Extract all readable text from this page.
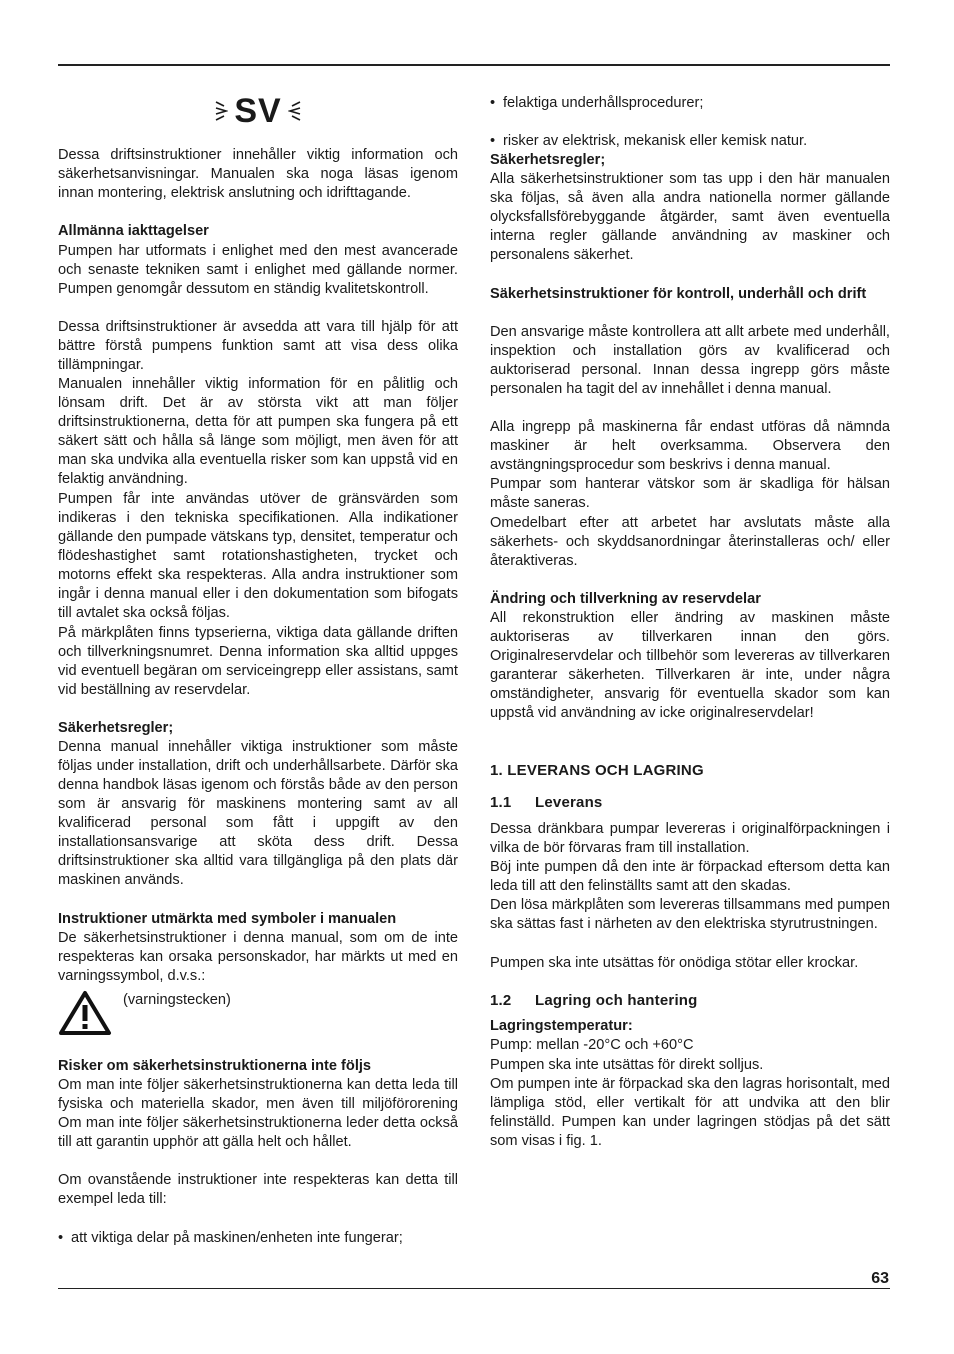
SV
Dessa driftsinstruktioner innehåller viktig information och säkerhetsanvisningar. Manualen ska noga läsas igenom innan montering, elektrisk anslutning och idrifttagande.
Allmänna iakttagelser
Pumpen har utformats i enlighet med den mest avancerade och senaste tekniken samt i enlighet med gällande normer. Pumpen genomgår dessutom en ständig kvalitetskontroll.
Dessa driftsinstruktioner är avsedda att vara till hjälp för att bättre förstå pumpens funktion samt att visa dess olika tillämpningar.
Manualen innehåller viktig information för en pålitlig och lönsam drift. Det är av största vikt att man följer driftsinstruktionerna, detta för att pumpen ska fungera på ett säkert sätt och hålla så länge som möjligt, men även för att man ska undvika alla eventuella risker som kan uppstå vid en felaktig användning.
Pumpen får inte användas utöver de gränsvärden som indikeras i den tekniska specifikationen. Alla indikationer gällande den pumpade vätskans typ, densitet, temperatur och flödeshastighet samt rotationshastigheten, trycket och motorns effekt ska respekteras. Alla andra instruktioner som ingår i denna manual eller i den dokumentation som bifogats till avtalet ska också följas.
På märkplåten finns typserierna, viktiga data gällande driften och tillverkningsnumret. Denna information ska alltid uppges vid eventuell begäran om serviceingrepp eller assistans, samt vid beställning av reservdelar.
Säkerhetsregler;
Denna manual innehåller viktiga instruktioner som måste följas under installation, drift och underhållsarbete. Därför ska denna handbok läsas igenom och förstås både av den person som är ansvarig för maskinens montering samt av all kvalificerad personal som fått i uppgift av den installationsansvarige att sköta dess drift. Dessa driftsinstruktioner ska alltid vara tillgängliga på den plats där maskinen används.
Instruktioner utmärkta med symboler i manualen
De säkerhetsinstruktioner i denna manual, som om de inte respekteras kan orsaka personskador, har märkts ut med en varningssymbol, d.v.s.:
Risker om säkerhetsinstruktionerna inte följs
Om man inte följer säkerhetsinstruktionerna kan detta leda till fysiska och materiella skador, men även till miljöförorening Om man inte följer säkerhetsinstruktionerna leder detta också till att garantin upphör att gälla helt och hållet.
Om ovanstående instruktioner inte respekteras kan detta till exempel leda till:
• att viktiga delar på maskinen/enheten inte fungerar;
(varningstecken)
• felaktiga underhållsprocedurer;
• risker av elektrisk, mekanisk eller kemisk natur.
Säkerhetsregler;
Alla säkerhetsinstruktioner som tas upp i den här manualen ska följas, så även alla andra nationella normer gällande olycksfallsförebyggande åtgärder, samt även eventuella interna regler gällande användning av maskiner och personalens säkerhet.
Säkerhetsinstruktioner för kontroll, underhåll och drift
Den ansvarige måste kontrollera att allt arbete med underhåll, inspektion och installation görs av kvalificerad och auktoriserad personal. Innan dessa ingrepp görs måste personalen ha tagit del av innehållet i denna manual.
Alla ingrepp på maskinerna får endast utföras då nämnda maskiner är helt overksamma. Observera den avstängningsprocedur som beskrivs i denna manual.
Pumpar som hanterar vätskor som är skadliga för hälsan måste saneras.
Omedelbart efter att arbetet har avslutats måste alla säkerhets- och skyddsanordningar återinstalleras och/ eller återaktiveras.
Ändring och tillverkning av reservdelar
All rekonstruktion eller ändring av maskinen måste auktoriseras av tillverkaren innan den görs. Originalreservdelar och tillbehör som levereras av tillverkaren garanterar säkerheten. Tillverkaren är inte, under några omständigheter, ansvarig för eventuella skador som kan uppstå vid användning av icke originalreservdelar!
1. LEVERANS OCH LAGRING
1.1 Leverans
Dessa dränkbara pumpar levereras i originalförpackningen i vilka de bör förvaras fram till installation.
Böj inte pumpen då den inte är förpackad eftersom detta kan leda till att den felinställts samt att den skadas.
Den lösa märkplåten som levereras tillsammans med pumpen ska sättas fast i närheten av den elektriska styrutrustningen.
Pumpen ska inte utsättas för onödiga stötar eller krockar.
1.2 Lagring och hantering
Lagringstemperatur:
Pump: mellan -20°C och +60°C
Pumpen ska inte utsättas för direkt solljus.
Om pumpen inte är förpackad ska den lagras horisontalt, med lämpliga stöd, eller vertikalt för att undvika att den blir felinställd. Pumpen kan under lagringen stödjas på det sätt som visas i fig. 1.
63
